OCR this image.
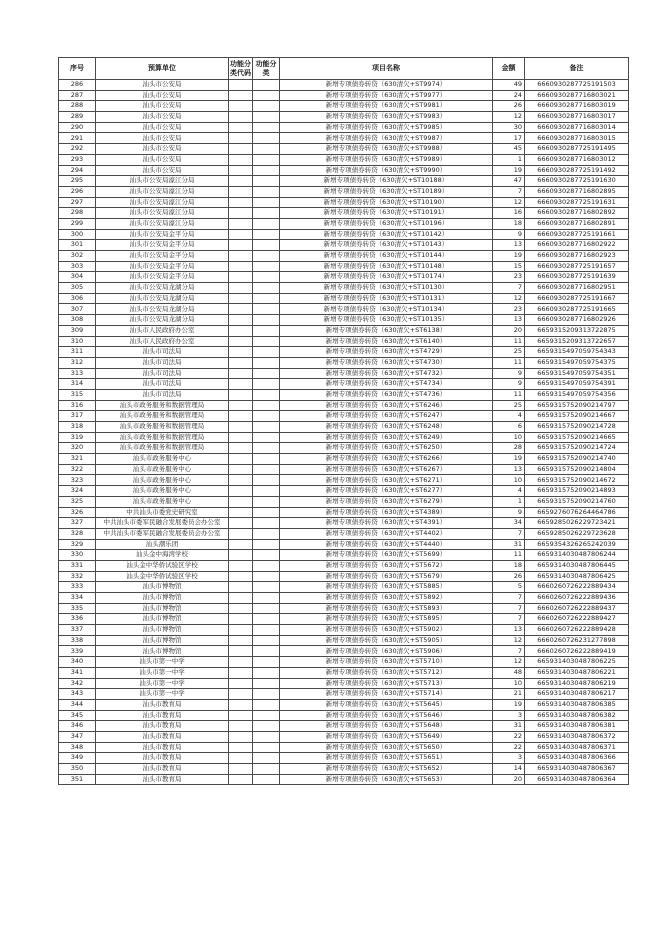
序号	预算单位	功能分类代码	功能分类	项目名称	金额	备注
286	汕头市公安局			新增专项债券转贷（630清欠+ST9974）	49	6660930287725191503
287	汕头市公安局			新增专项债券转贷（630清欠+ST9977）	24	6660930287716803021
288	汕头市公安局			新增专项债券转贷（630清欠+ST9981）	26	6660930287716803019
289	汕头市公安局			新增专项债券转贷（630清欠+ST9983）	12	6660930287716803017
290	汕头市公安局			新增专项债券转贷（630清欠+ST9985）	30	6660930287716803014
291	汕头市公安局			新增专项债券转贷（630清欠+ST9987）	17	6660930287716803015
292	汕头市公安局			新增专项债券转贷（630清欠+ST9988）	45	6660930287725191495
293	汕头市公安局			新增专项债券转贷（630清欠+ST9989）	1	6660930287716803012
294	汕头市公安局			新增专项债券转贷（630清欠+ST9990）	19	6660930287725191492
295	汕头市公安局濠江分局			新增专项债券转贷（630清欠+ST10188）	47	6660930287725191630
296	汕头市公安局濠江分局			新增专项债券转贷（630清欠+ST10189）	7	6660930287716802895
297	汕头市公安局濠江分局			新增专项债券转贷（630清欠+ST10190）	12	6660930287725191631
298	汕头市公安局濠江分局			新增专项债券转贷（630清欠+ST10191）	16	6660930287716802892
299	汕头市公安局濠江分局			新增专项债券转贷（630清欠+ST10196）	18	6660930287716802891
300	汕头市公安局金平分局			新增专项债券转贷（630清欠+ST10142）	9	6660930287725191661
301	汕头市公安局金平分局			新增专项债券转贷（630清欠+ST10143）	13	6660930287716802922
302	汕头市公安局金平分局			新增专项债券转贷（630清欠+ST10144）	19	6660930287716802923
303	汕头市公安局金平分局			新增专项债券转贷（630清欠+ST10148）	15	6660930287725191657
304	汕头市公安局金平分局			新增专项债券转贷（630清欠+ST10174）	23	6660930287725191639
305	汕头市公安局龙湖分局			新增专项债券转贷（630清欠+ST10130）	7	6660930287716802951
306	汕头市公安局龙湖分局			新增专项债券转贷（630清欠+ST10131）	12	6660930287725191667
307	汕头市公安局龙湖分局			新增专项债券转贷（630清欠+ST10134）	23	6660930287725191665
308	汕头市公安局龙湖分局			新增专项债券转贷（630清欠+ST10135）	13	6660930287716802926
309	汕头市人民政府办公室			新增专项债券转贷（630清欠+ST6138）	20	6659315209313722875
310	汕头市人民政府办公室			新增专项债券转贷（630清欠+ST6140）	11	6659315209313722657
311	汕头市司法局			新增专项债券转贷（630清欠+ST4729）	25	6659315497059754343
312	汕头市司法局			新增专项债券转贷（630清欠+ST4730）	11	6659315497059754375
313	汕头市司法局			新增专项债券转贷（630清欠+ST4732）	9	6659315497059754351
314	汕头市司法局			新增专项债券转贷（630清欠+ST4734）	9	6659315497059754391
315	汕头市司法局			新增专项债券转贷（630清欠+ST4736）	11	6659315497059754356
316	汕头市政务服务和数据管理局			新增专项债券转贷（630清欠+ST6246）	25	6659315752090214797
317	汕头市政务服务和数据管理局			新增专项债券转贷（630清欠+ST6247）	4	6659315752090214667
318	汕头市政务服务和数据管理局			新增专项债券转贷（630清欠+ST6248）	6	6659315752090214728
319	汕头市政务服务和数据管理局			新增专项债券转贷（630清欠+ST6249）	10	6659315752090214665
320	汕头市政务服务和数据管理局			新增专项债券转贷（630清欠+ST6250）	28	6659315752090214724
321	汕头市政务服务中心			新增专项债券转贷（630清欠+ST6266）	19	6659315752090214740
322	汕头市政务服务中心			新增专项债券转贷（630清欠+ST6267）	13	6659315752090214804
323	汕头市政务服务中心			新增专项债券转贷（630清欠+ST6271）	10	6659315752090214672
324	汕头市政务服务中心			新增专项债券转贷（630清欠+ST6277）	4	6659315752090214893
325	汕头市政务服务中心			新增专项债券转贷（630清欠+ST6279）	1	6659315752090214760
326	中共汕头市委党史研究室			新增专项债券转贷（630清欠+ST4389）	9	6659276076264464786
327	中共汕头市委军民融合发展委员会办公室			新增专项债券转贷（630清欠+ST4391）	34	6659285026229723421
328	中共汕头市委军民融合发展委员会办公室			新增专项债券转贷（630清欠+ST4402）	7	6659285026229723628
329	汕头潮乐团			新增专项债券转贷（630清欠+ST4440）	31	6659354326265242039
330	汕头金中海湾学校			新增专项债券转贷（630清欠+ST5699）	11	6659314030487806244
331	汕头金中华侨试验区学校			新增专项债券转贷（630清欠+ST5672）	18	6659314030487806445
332	汕头金中华侨试验区学校			新增专项债券转贷（630清欠+ST5679）	26	6659314030487806425
333	汕头市博物馆			新增专项债券转贷（630清欠+ST5885）	5	6660260726222889434
334	汕头市博物馆			新增专项债券转贷（630清欠+ST5892）	7	6660260726222889436
335	汕头市博物馆			新增专项债券转贷（630清欠+ST5893）	7	6660260726222889437
336	汕头市博物馆			新增专项债券转贷（630清欠+ST5895）	7	6660260726222889427
337	汕头市博物馆			新增专项债券转贷（630清欠+ST5902）	13	6660260726222889428
338	汕头市博物馆			新增专项债券转贷（630清欠+ST5905）	12	6660260726231277898
339	汕头市博物馆			新增专项债券转贷（630清欠+ST5906）	7	6660260726222889419
340	汕头市第一中学			新增专项债券转贷（630清欠+ST5710）	12	6659314030487806225
341	汕头市第一中学			新增专项债券转贷（630清欠+ST5712）	48	6659314030487806221
342	汕头市第一中学			新增专项债券转贷（630清欠+ST5713）	10	6659314030487806219
343	汕头市第一中学			新增专项债券转贷（630清欠+ST5714）	21	6659314030487806217
344	汕头市教育局			新增专项债券转贷（630清欠+ST5645）	19	6659314030487806385
345	汕头市教育局			新增专项债券转贷（630清欠+ST5646）	3	6659314030487806382
346	汕头市教育局			新增专项债券转贷（630清欠+ST5648）	31	6659314030487806381
347	汕头市教育局			新增专项债券转贷（630清欠+ST5649）	22	6659314030487806372
348	汕头市教育局			新增专项债券转贷（630清欠+ST5650）	22	6659314030487806371
349	汕头市教育局			新增专项债券转贷（630清欠+ST5651）	3	6659314030487806366
350	汕头市教育局			新增专项债券转贷（630清欠+ST5652）	14	6659314030487806367
351	汕头市教育局			新增专项债券转贷（630清欠+ST5653）	20	6659314030487806364
